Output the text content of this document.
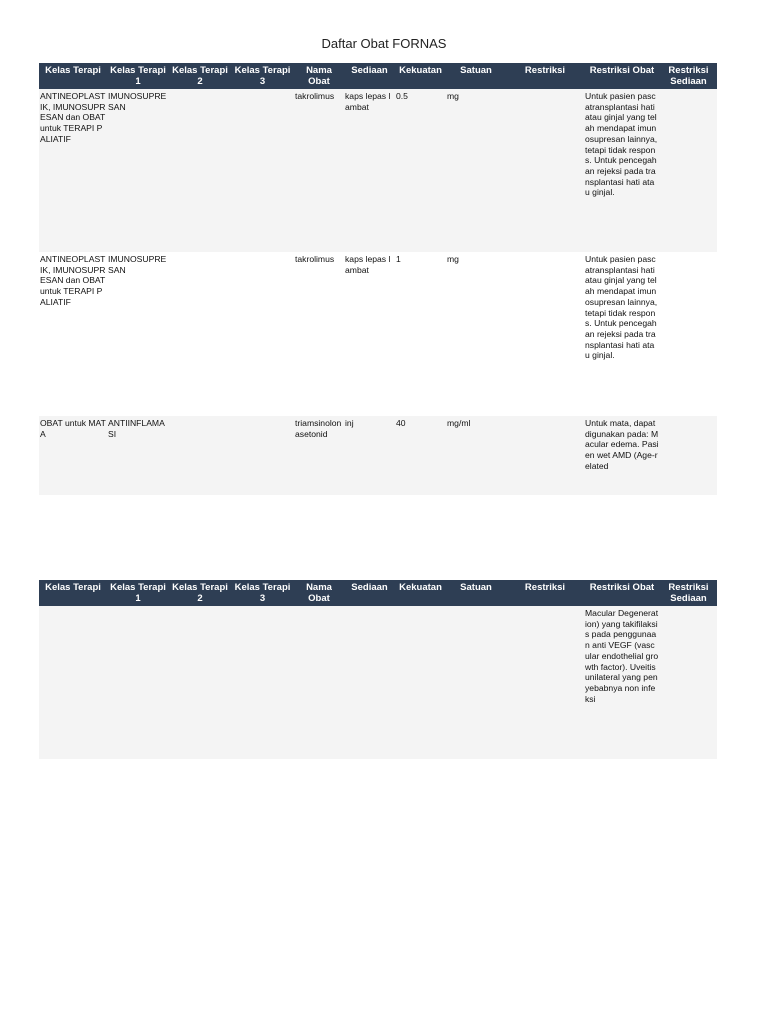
Daftar Obat FORNAS
Kelas Terapi	Kelas Terapi 1	Kelas Terapi 2	Kelas Terapi 3	Nama Obat	Sediaan	Kekuatan	Satuan	Restriksi	Restriksi Obat	Restriksi Sediaan
ANTINEOPLASTIK, IMUNOSUPRESAN dan OBAT untuk TERAPI PALIATIF	IMUNOSUPRESAN			takrolimus	kaps lepas lambat	0.5	mg		Untuk pasien pascatransplantasi hati atau ginjal yang telah mendapat imunosupresan lainnya, tetapi tidak respons. Untuk pencegahan rejeksi pada transplantasi hati atau ginjal.	
ANTINEOPLASTIK, IMUNOSUPRESAN dan OBAT untuk TERAPI PALIATIF	IMUNOSUPRESAN			takrolimus	kaps lepas lambat	1	mg		Untuk pasien pascatransplantasi hati atau ginjal yang telah mendapat imunosupresan lainnya, tetapi tidak respons. Untuk pencegahan rejeksi pada transplantasi hati atau ginjal.	
OBAT untuk MATA	ANTIINFLAMASI			triamsinolon asetonid	inj	40	mg/ml		Untuk mata, dapat digunakan pada: Macular edema. Pasien wet AMD (Age-related	
Kelas Terapi	Kelas Terapi 1	Kelas Terapi 2	Kelas Terapi 3	Nama Obat	Sediaan	Kekuatan	Satuan	Restriksi	Restriksi Obat	Restriksi Sediaan
									Macular Degeneration) yang takifilaksis pada penggunaan anti VEGF (vascular endothelial growth factor). Uveitis unilateral yang penyebabnya non infeksi	
